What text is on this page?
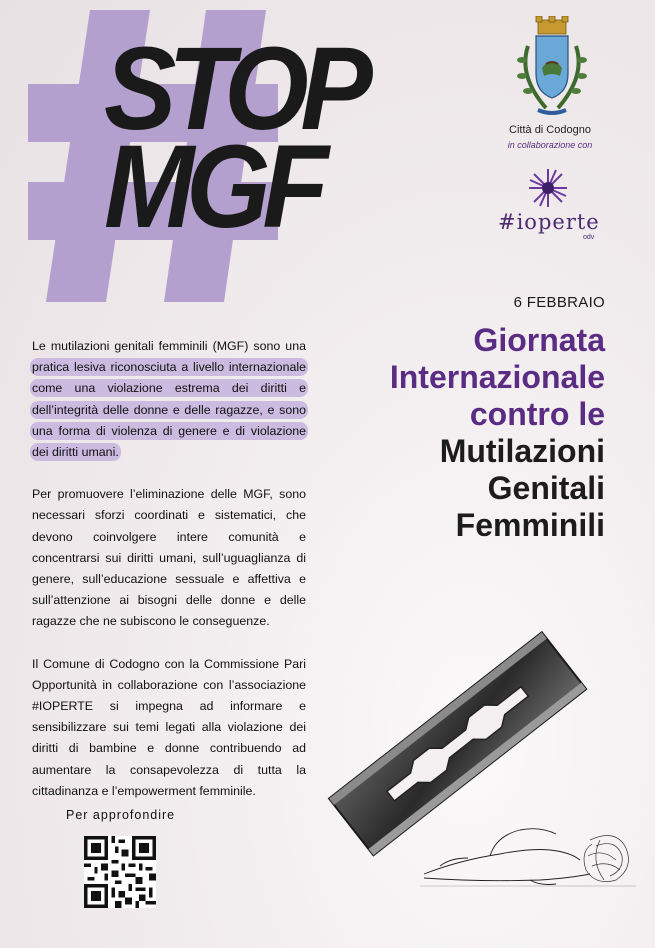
STOP
MGF	Città di Codogno
in collaborazione con
#ioperte
odv
6 FEBBRAIO
Giornata
Internazionale
contro le
Mutilazioni
Genitali
Femminili

Le mutilazioni genitali femminili (MGF) sono una pratica lesiva riconosciuta a livello internazionale come una violazione estrema dei diritti e dell’integrità delle donne e delle ragazze, e sono una forma di violenza di genere e di violazione dei diritti umani.

Per promuovere l’eliminazione delle MGF, sono necessari sforzi coordinati e sistematici, che devono coinvolgere intere comunità e concentrarsi sui diritti umani, sull’uguaglianza di genere, sull’educazione sessuale e affettiva e sull’attenzione ai bisogni delle donne e delle ragazze che ne subiscono le conseguenze.

Il Comune di Codogno con la Commissione Pari Opportunità in collaborazione con l’associazione #IOPERTE si impegna ad informare e sensibilizzare sui temi legati alla violazione dei diritti di bambine e donne contribuendo ad aumentare la consapevolezza di tutta la cittadinanza e l’empowerment femminile.

Per approfondire
